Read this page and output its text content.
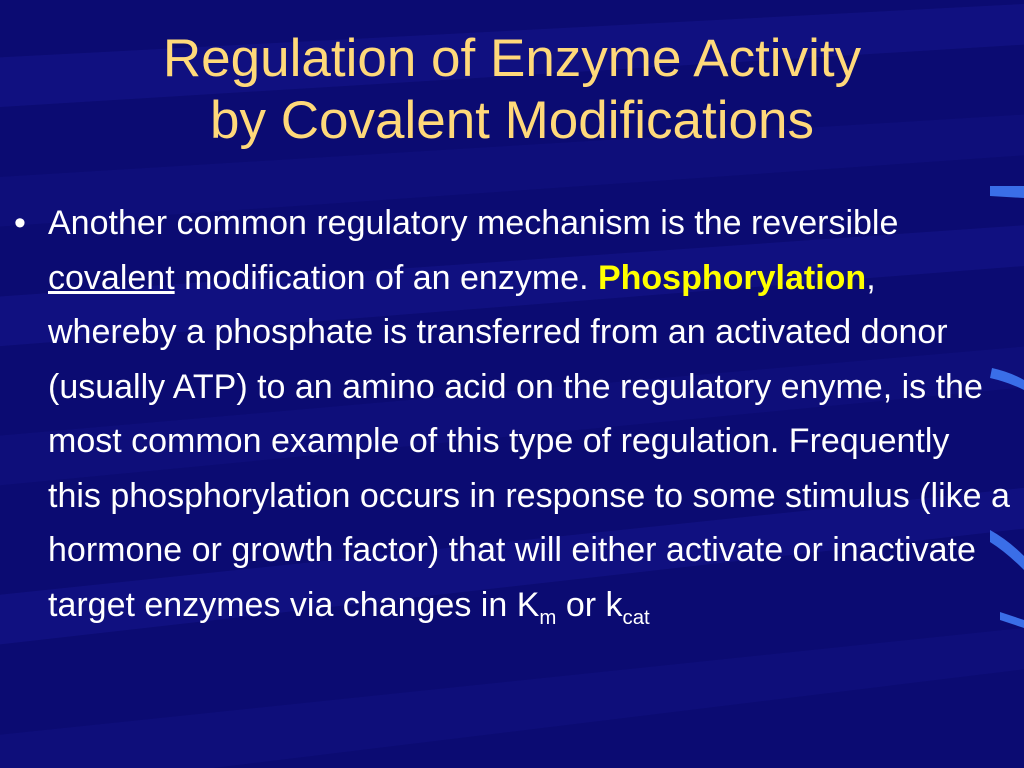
Regulation of Enzyme Activity
by Covalent Modifications
• Another common regulatory mechanism is the reversible covalent modification of an enzyme. Phosphorylation, whereby a phosphate is transferred from an activated donor (usually ATP) to an amino acid on the regulatory enyme, is the most common example of this type of regulation. Frequently this phosphorylation occurs in response to some stimulus (like a hormone or growth factor) that will either activate or inactivate target enzymes via changes in $K_m$ or $k_{cat}$
